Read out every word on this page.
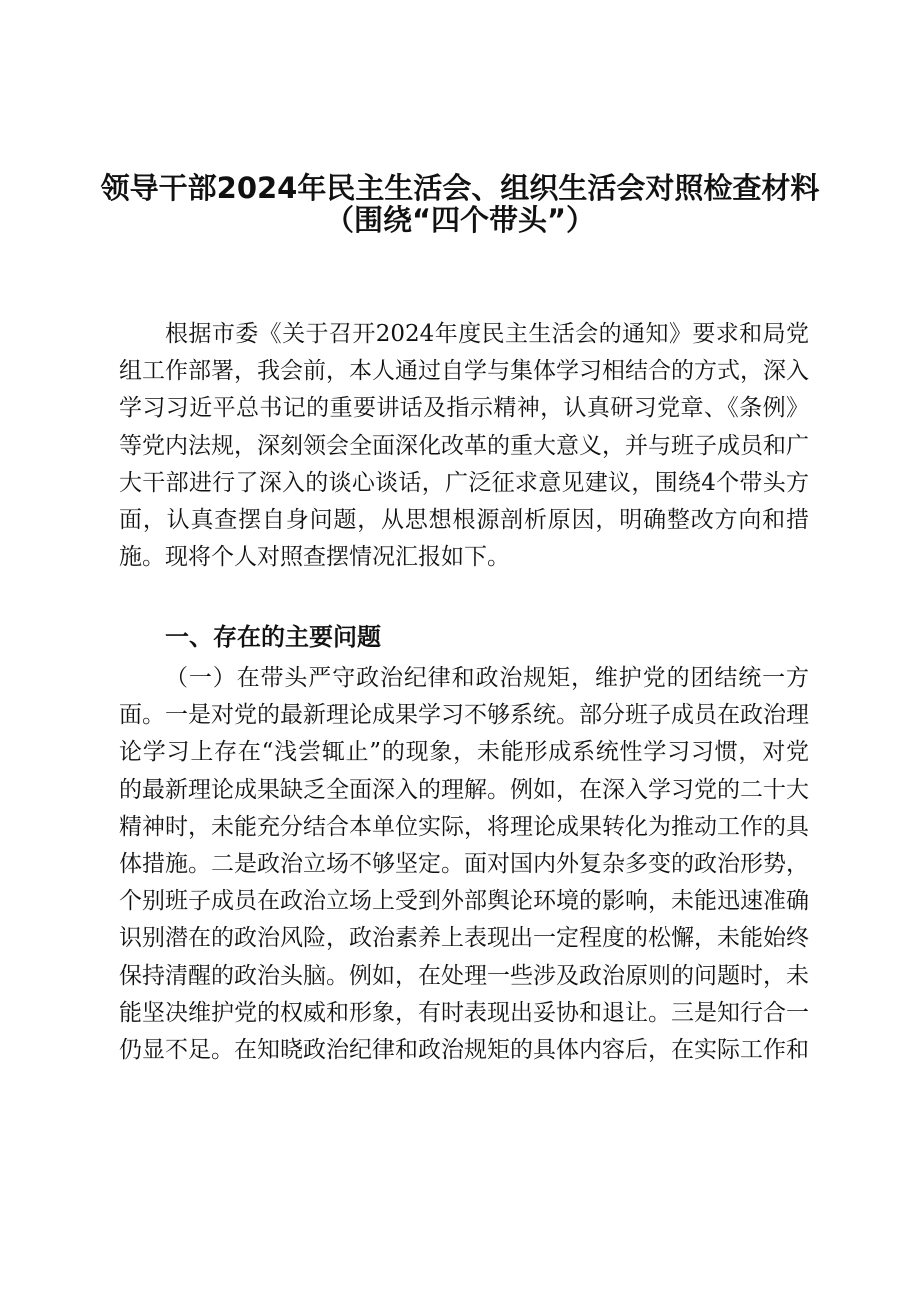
领导干部2024年民主生活会、组织生活会对照检查材料
（围绕“四个带头”）

根据市委《关于召开2024年度民主生活会的通知》要求和局党组工作部署，我会前，本人通过自学与集体学习相结合的方式，深入学习习近平总书记的重要讲话及指示精神，认真研习党章、《条例》等党内法规，深刻领会全面深化改革的重大意义，并与班子成员和广大干部进行了深入的谈心谈话，广泛征求意见建议，围绕4个带头方面，认真查摆自身问题，从思想根源剖析原因，明确整改方向和措施。现将个人对照查摆情况汇报如下。

一、存在的主要问题

（一）在带头严守政治纪律和政治规矩，维护党的团结统一方面。一是对党的最新理论成果学习不够系统。部分班子成员在政治理论学习上存在“浅尝辄止”的现象，未能形成系统性学习习惯，对党的最新理论成果缺乏全面深入的理解。例如，在深入学习党的二十大精神时，未能充分结合本单位实际，将理论成果转化为推动工作的具体措施。二是政治立场不够坚定。面对国内外复杂多变的政治形势，个别班子成员在政治立场上受到外部舆论环境的影响，未能迅速准确识别潜在的政治风险，政治素养上表现出一定程度的松懈，未能始终保持清醒的政治头脑。例如，在处理一些涉及政治原则的问题时，未能坚决维护党的权威和形象，有时表现出妥协和退让。三是知行合一仍显不足。在知晓政治纪律和政治规矩的具体内容后，在实际工作和
